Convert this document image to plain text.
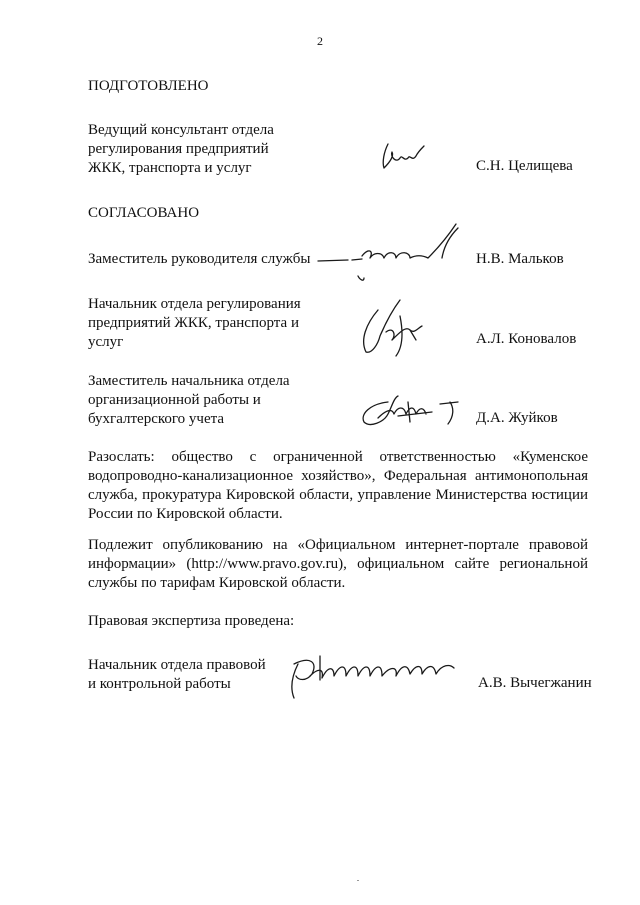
2
ПОДГОТОВЛЕНО
Ведущий консультант отдела
регулирования предприятий
ЖКК, транспорта и услуг	С.Н. Целищева
СОГЛАСОВАНО
Заместитель руководителя службы	Н.В. Мальков
Начальник отдела регулирования
предприятий ЖКК, транспорта и
услуг	А.Л. Коновалов
Заместитель начальника отдела
организационной работы и
бухгалтерского учета	Д.А. Жуйков
Разослать: общество с ограниченной ответственностью «Куменское водопроводно-канализационное хозяйство», Федеральная антимонопольная служба, прокуратура Кировской области, управление Министерства юстиции России по Кировской области.
Подлежит опубликованию на «Официальном интернет-портале правовой информации» (http://www.pravo.gov.ru), официальном сайте региональной службы по тарифам Кировской области.
Правовая экспертиза проведена:
Начальник отдела правовой
и контрольной работы	А.В. Вычегжанин
